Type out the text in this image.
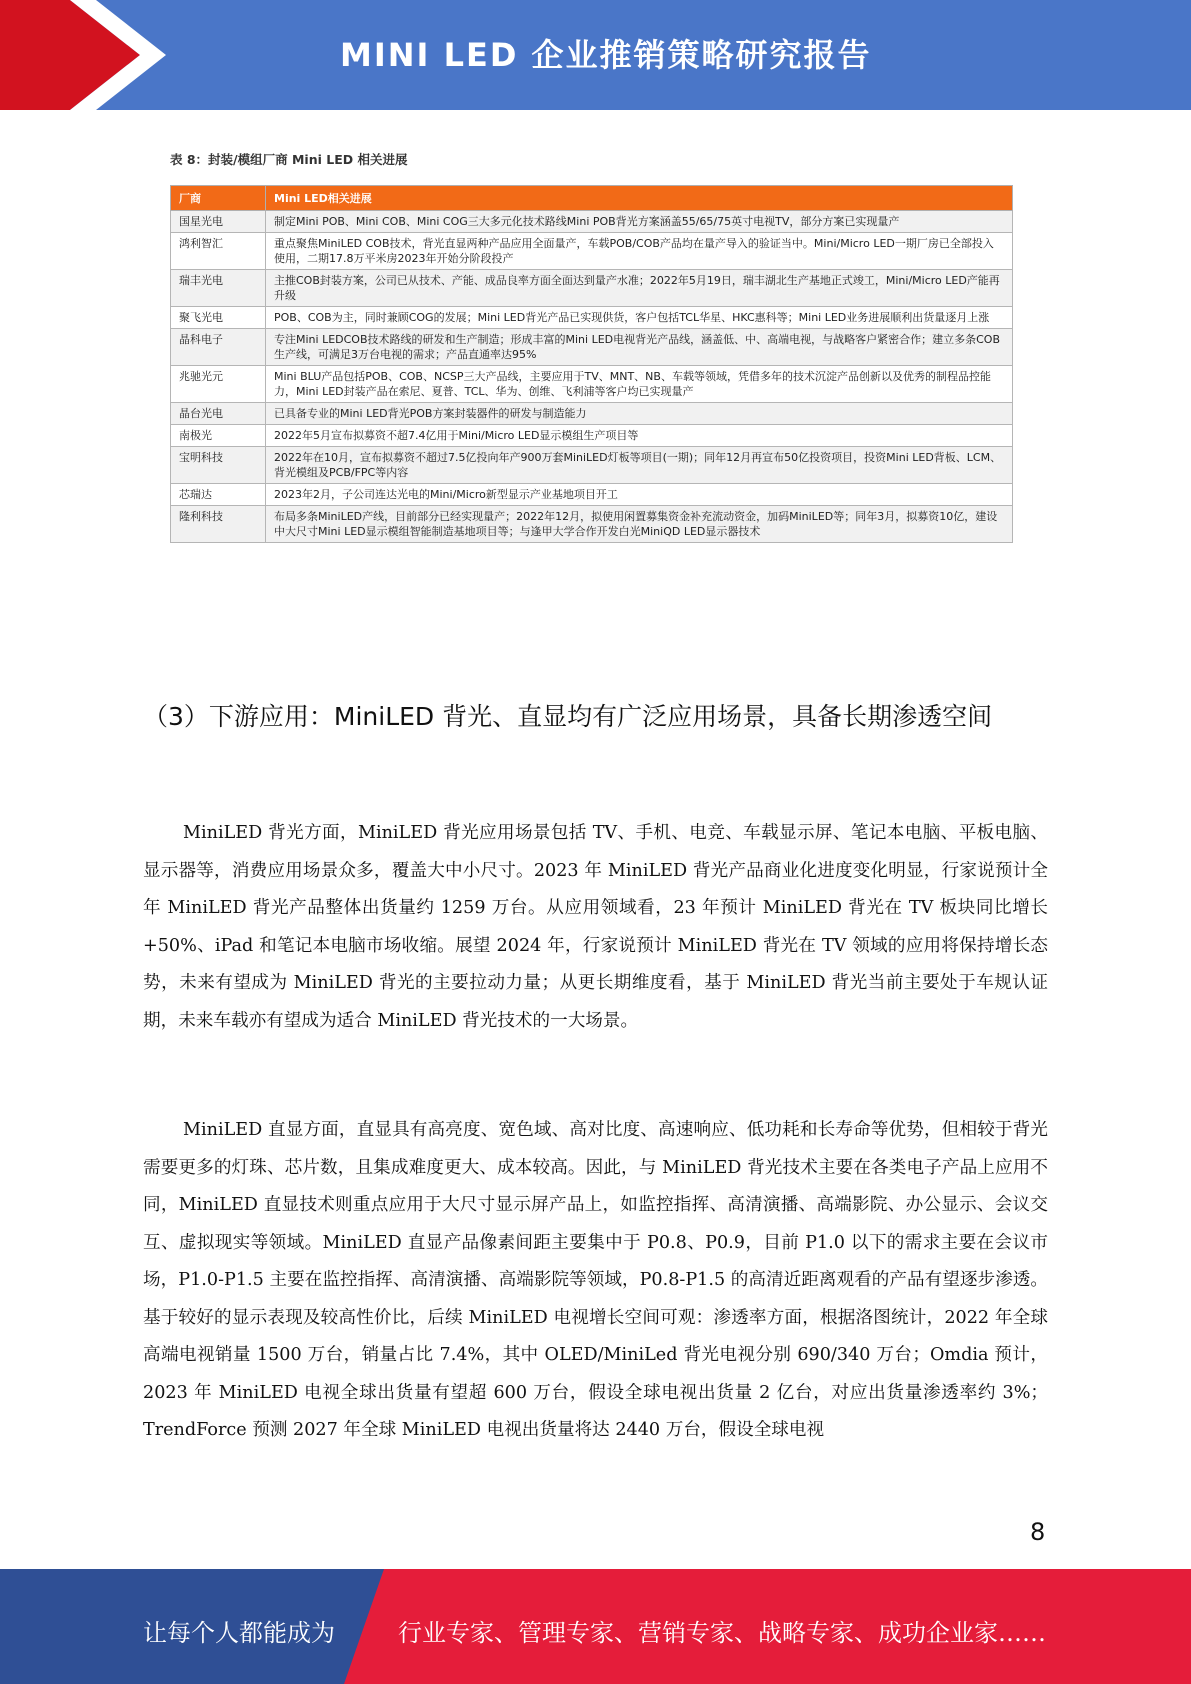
MINI LED 企业推销策略研究报告
表 8：封装/模组厂商 Mini LED 相关进展
厂商	Mini LED相关进展
国星光电	制定Mini POB、Mini COB、Mini COG三大多元化技术路线Mini POB背光方案涵盖55/65/75英寸电视TV，部分方案已实现量产
鸿利智汇	重点聚焦MiniLED COB技术，背光直显两种产品应用全面量产，车载POB/COB产品均在量产导入的验证当中。Mini/Micro LED一期厂房已全部投入使用，二期17.8万平米房2023年开始分阶段投产
瑞丰光电	主推COB封装方案，公司已从技术、产能、成品良率方面全面达到量产水准；2022年5月19日，瑞丰湖北生产基地正式竣工，Mini/Micro LED产能再升级
聚飞光电	POB、COB为主，同时兼顾COG的发展；Mini LED背光产品已实现供货，客户包括TCL华星、HKC惠科等；Mini LED业务进展顺利出货量逐月上涨
晶科电子	专注Mini LEDCOB技术路线的研发和生产制造；形成丰富的Mini LED电视背光产品线，涵盖低、中、高端电视，与战略客户紧密合作；建立多条COB生产线，可满足3万台电视的需求；产品直通率达95%
兆驰光元	Mini BLU产品包括POB、COB、NCSP三大产品线，主要应用于TV、MNT、NB、车载等领域，凭借多年的技术沉淀产品创新以及优秀的制程品控能力，Mini LED封装产品在索尼、夏普、TCL、华为、创维、飞利浦等客户均已实现量产
晶台光电	已具备专业的Mini LED背光POB方案封装器件的研发与制造能力
南极光	2022年5月宣布拟募资不超7.4亿用于Mini/Micro LED显示模组生产项目等
宝明科技	2022年在10月，宣布拟募资不超过7.5亿投向年产900万套MiniLED灯板等项目(一期)；同年12月再宣布50亿投资项目，投资Mini LED背板、LCM、背光模组及PCB/FPC等内容
芯瑞达	2023年2月，子公司连达光电的Mini/Micro新型显示产业基地项目开工
隆利科技	布局多条MiniLED产线，目前部分已经实现量产；2022年12月，拟使用闲置募集资金补充流动资金，加码MiniLED等；同年3月，拟募资10亿，建设中大尺寸Mini LED显示模组智能制造基地项目等；与逢甲大学合作开发白光MiniQD LED显示器技术
（3）下游应用：MiniLED 背光、直显均有广泛应用场景，具备长期渗透空间

MiniLED 背光方面，MiniLED 背光应用场景包括 TV、手机、电竞、车载显示屏、笔记本电脑、平板电脑、显示器等，消费应用场景众多，覆盖大中小尺寸。2023 年 MiniLED 背光产品商业化进度变化明显，行家说预计全年 MiniLED 背光产品整体出货量约 1259 万台。从应用领域看，23 年预计 MiniLED 背光在 TV 板块同比增长+50%、iPad 和笔记本电脑市场收缩。展望 2024 年，行家说预计 MiniLED 背光在 TV 领域的应用将保持增长态势，未来有望成为 MiniLED 背光的主要拉动力量；从更长期维度看，基于 MiniLED 背光当前主要处于车规认证期，未来车载亦有望成为适合 MiniLED 背光技术的一大场景。

MiniLED 直显方面，直显具有高亮度、宽色域、高对比度、高速响应、低功耗和长寿命等优势，但相较于背光需要更多的灯珠、芯片数，且集成难度更大、成本较高。因此，与 MiniLED 背光技术主要在各类电子产品上应用不同，MiniLED 直显技术则重点应用于大尺寸显示屏产品上，如监控指挥、高清演播、高端影院、办公显示、会议交互、虚拟现实等领域。MiniLED 直显产品像素间距主要集中于 P0.8、P0.9，目前 P1.0 以下的需求主要在会议市场，P1.0-P1.5 主要在监控指挥、高清演播、高端影院等领域，P0.8-P1.5 的高清近距离观看的产品有望逐步渗透。基于较好的显示表现及较高性价比，后续 MiniLED 电视增长空间可观：渗透率方面，根据洛图统计，2022 年全球高端电视销量 1500 万台，销量占比 7.4%，其中 OLED/MiniLed 背光电视分别 690/340 万台；Omdia 预计，2023 年 MiniLED 电视全球出货量有望超 600 万台，假设全球电视出货量 2 亿台，对应出货量渗透率约 3%；TrendForce 预测 2027 年全球 MiniLED 电视出货量将达 2440 万台，假设全球电视

8
让每个人都能成为	行业专家、管理专家、营销专家、战略专家、成功企业家……
